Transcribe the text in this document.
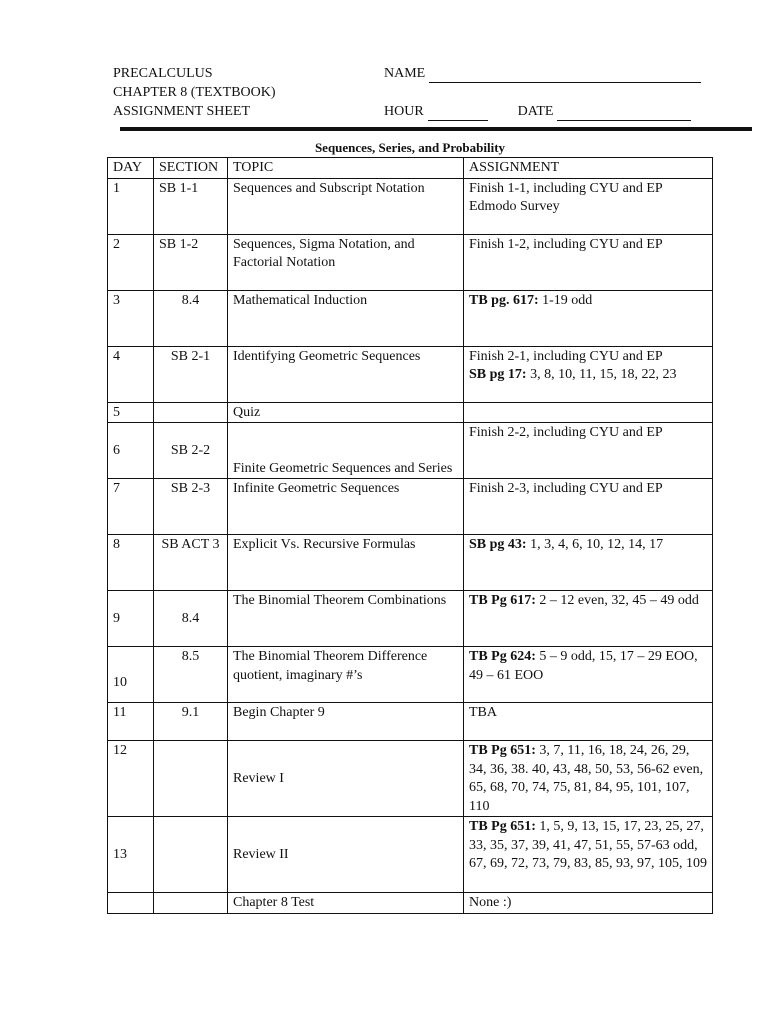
PRECALCULUS
CHAPTER 8 (TEXTBOOK)
ASSIGNMENT SHEET
NAME
HOUR	DATE
Sequences, Series, and Probability
DAY	SECTION	TOPIC	ASSIGNMENT
1	SB 1-1	Sequences and Subscript Notation	Finish 1-1, including CYU and EP
Edmodo Survey

2	SB 1-2	Sequences, Sigma Notation, and Factorial Notation	Finish 1-2, including CYU and EP

3	8.4	Mathematical Induction	TB pg. 617: 1-19 odd

4	SB 2-1	Identifying Geometric Sequences	Finish 2-1, including CYU and EP
SB pg 17: 3, 8, 10, 11, 15, 18, 22, 23

5		Quiz	
6	SB 2-2	Finite Geometric Sequences and Series	Finish 2-2, including CYU and EP

7	SB 2-3	Infinite Geometric Sequences	Finish 2-3, including CYU and EP

8	SB ACT 3	Explicit Vs. Recursive Formulas	SB pg 43: 1, 3, 4, 6, 10, 12, 14, 17

9	8.4	The Binomial Theorem Combinations	TB Pg 617: 2 – 12 even, 32, 45 – 49 odd

10	8.5	The Binomial Theorem Difference quotient, imaginary #’s	TB Pg 624: 5 – 9 odd, 15, 17 – 29 EOO, 49 – 61 EOO

11	9.1	Begin Chapter 9	TBA

12		Review I	TB Pg 651: 3, 7, 11, 16, 18, 24, 26, 29, 34, 36, 38. 40, 43, 48, 50, 53, 56-62 even, 65, 68, 70, 74, 75, 81, 84, 95, 101, 107, 110

13		Review II	TB Pg 651: 1, 5, 9, 13, 15, 17, 23, 25, 27, 33, 35, 37, 39, 41, 47, 51, 55, 57-63 odd, 67, 69, 72, 73, 79, 83, 85, 93, 97, 105, 109

		Chapter 8 Test	None :)
